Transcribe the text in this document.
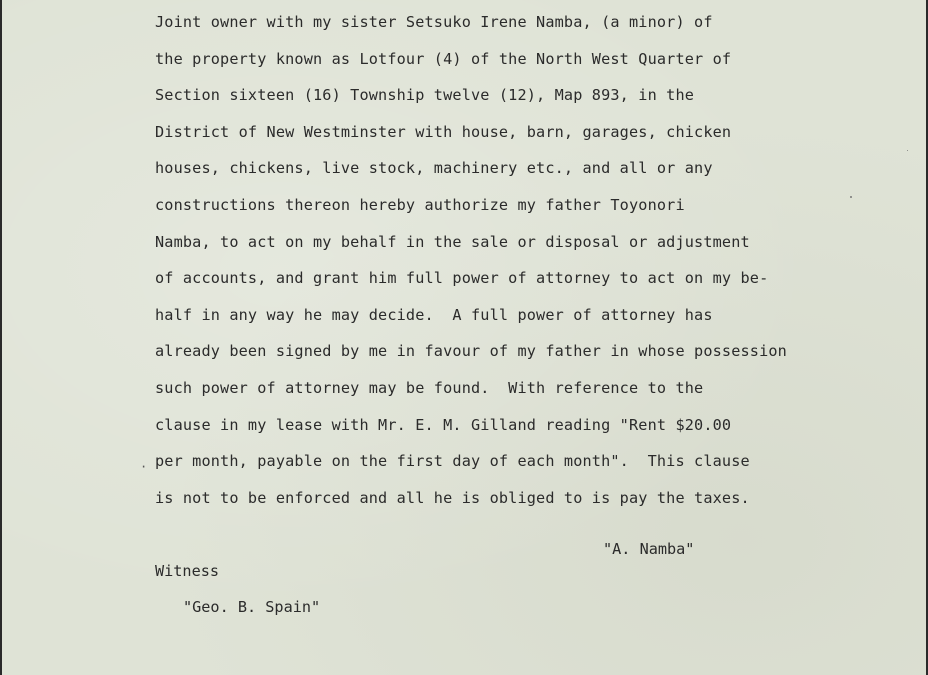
Joint owner with my sister Setsuko Irene Namba, (a minor) of
the property known as Lotfour (4) of the North West Quarter of
Section sixteen (16) Township twelve (12), Map 893, in the
District of New Westminster with house, barn, garages, chicken
houses, chickens, live stock, machinery etc., and all or any
constructions thereon hereby authorize my father Toyonori
Namba, to act on my behalf in the sale or disposal or adjustment
of accounts, and grant him full power of attorney to act on my be-
half in any way he may decide.  A full power of attorney has
already been signed by me in favour of my father in whose possession
such power of attorney may be found.  With reference to the
clause in my lease with Mr. E. M. Gilland reading "Rent $20.00
per month, payable on the first day of each month".  This clause
is not to be enforced and all he is obliged to is pay the taxes.
·
"A. Namba"
Witness
"Geo. B. Spain"
